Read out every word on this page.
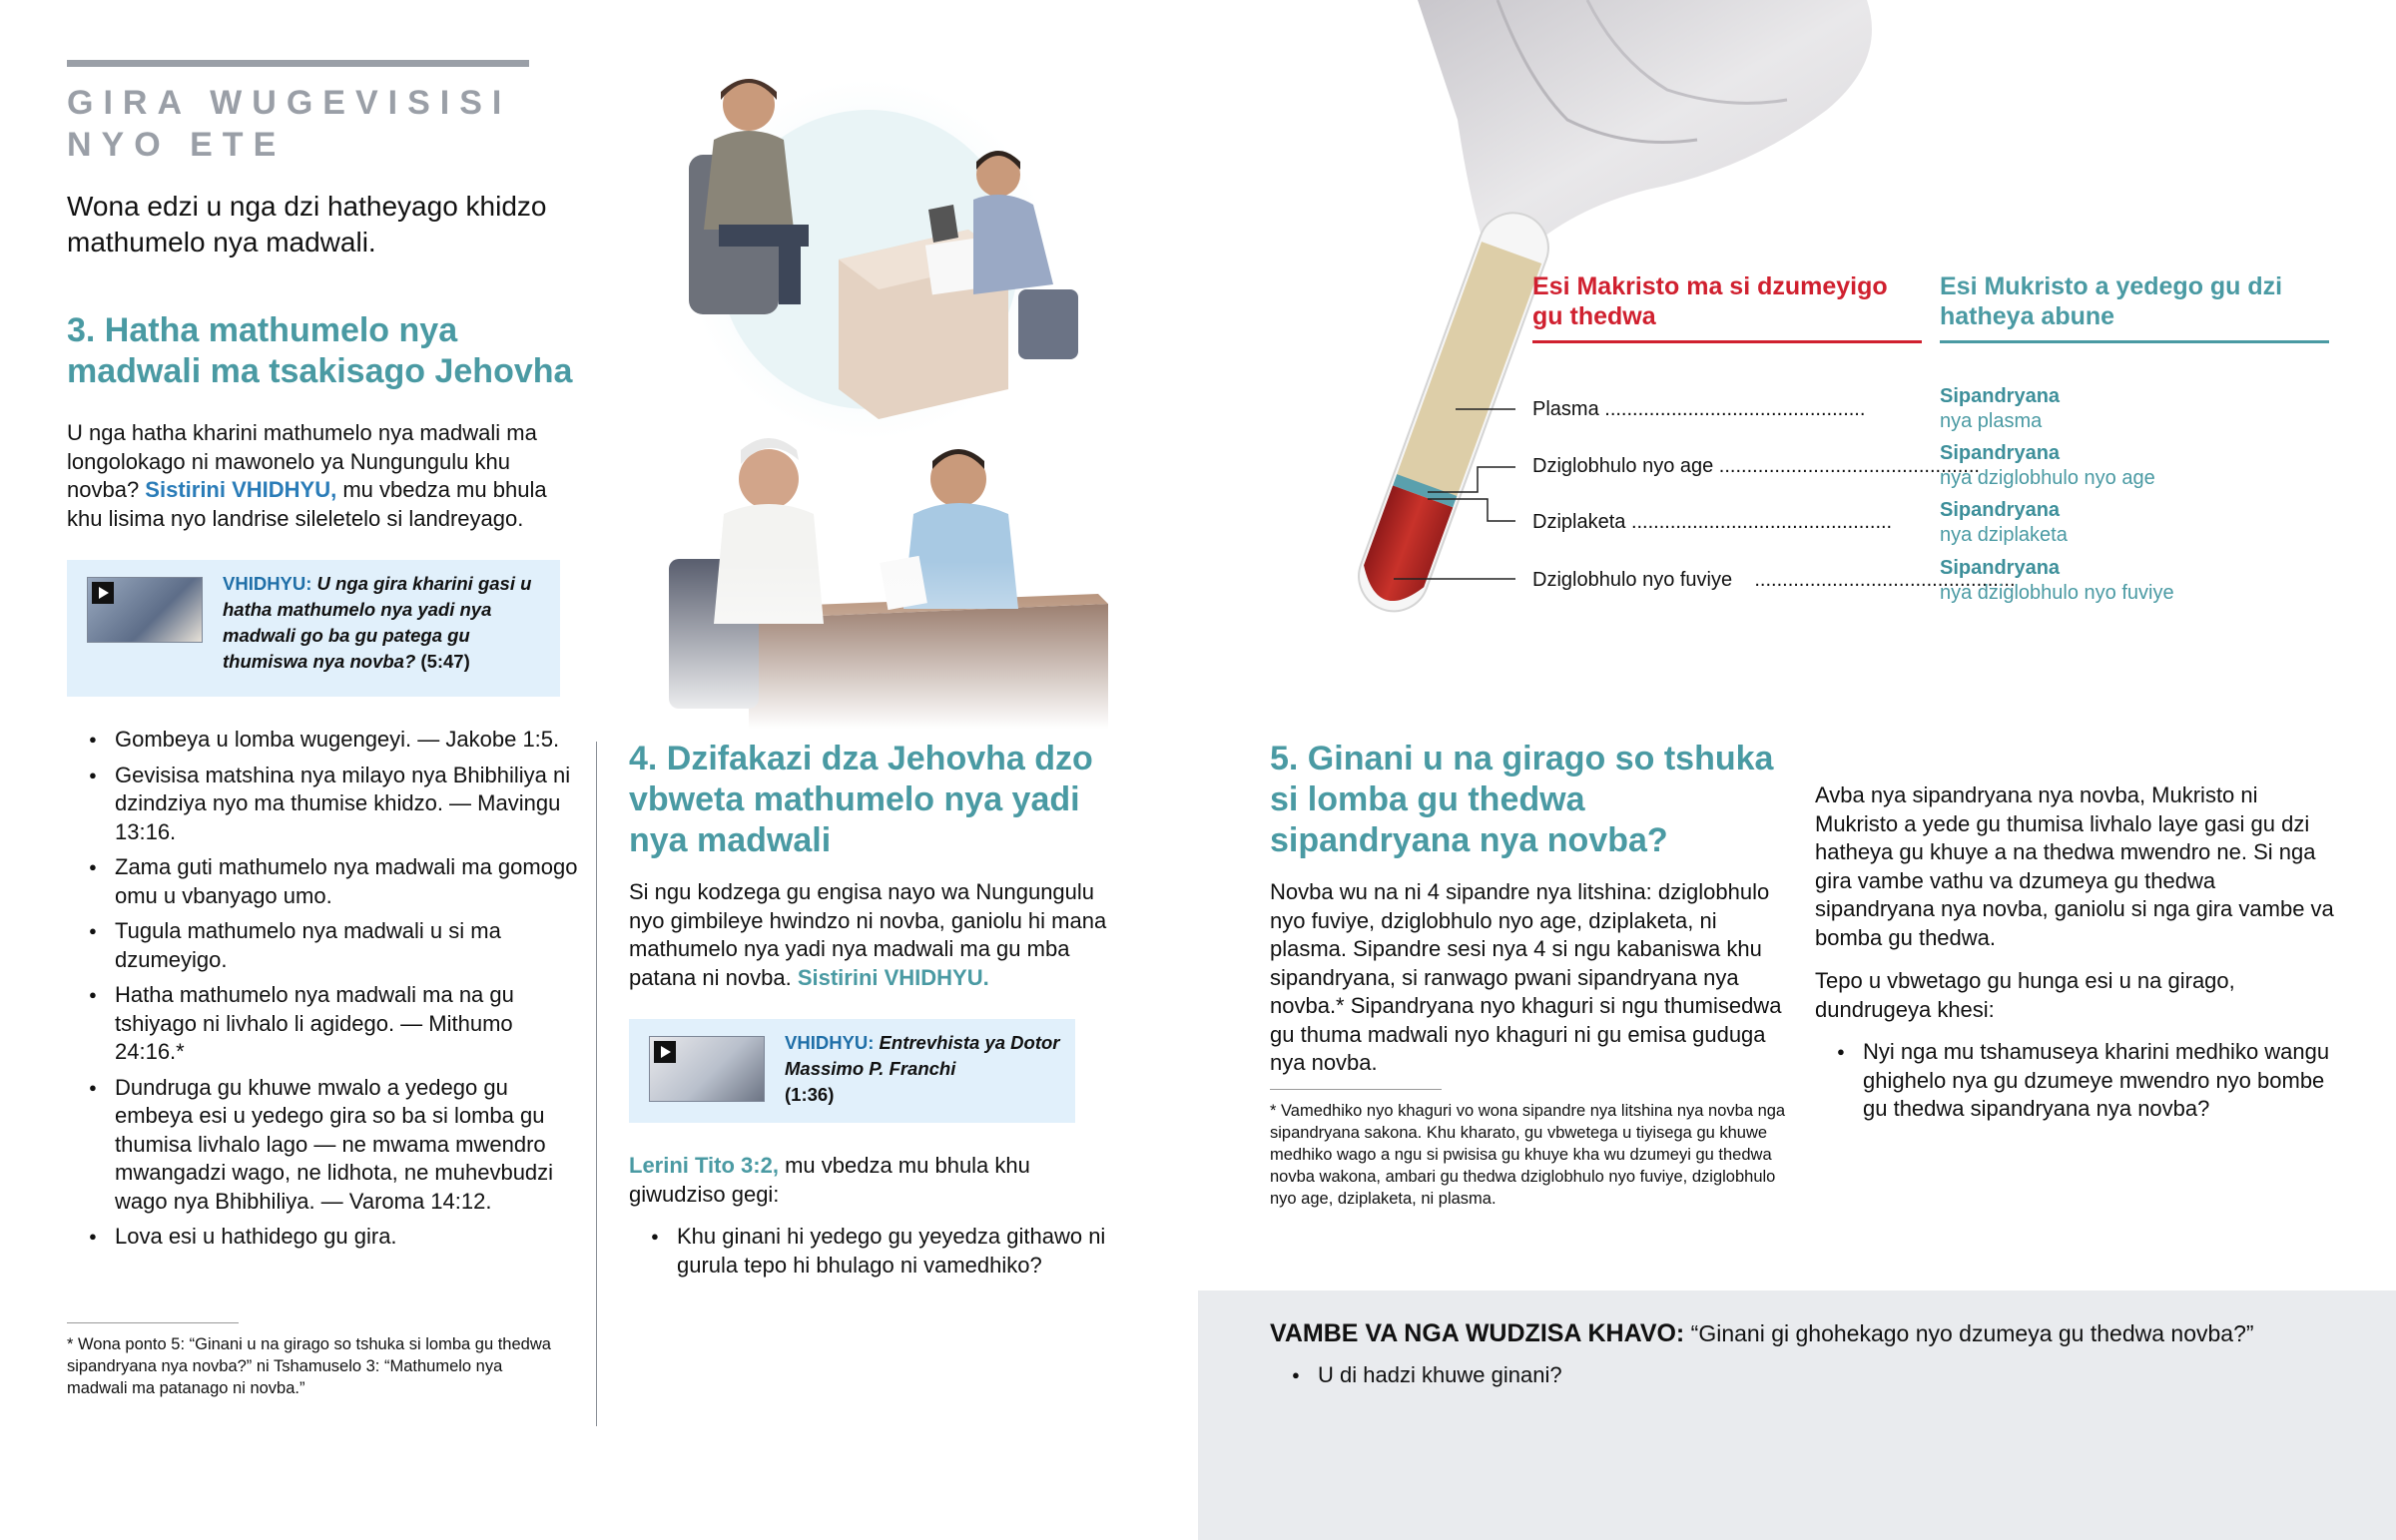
GIRA WUGEVISISI
NYO ETE

Wona edzi u nga dzi hatheyago khidzo mathumelo nya madwali.

3. Hatha mathumelo nya madwali ma tsakisago Jehovha

U nga hatha kharini mathumelo nya madwali ma longolokago ni mawonelo ya Nungungulu khu novba? Sistirini VHIDHYU, mu vbedza mu bhula khu lisima nyo landrise sileletelo si landreyago.

VHIDHYU: U nga gira kharini gasi u hatha mathumelo nya yadi nya madwali go ba gu patega gu thumiswa nya novba? (5:47)
● Gombeya u lomba wugengeyi. — Jakobe 1:5.
● Gevisisa matshina nya milayo nya Bhibhiliya ni dzindziya nyo ma thumise khidzo. — Mavingu 13:16.
● Zama guti mathumelo nya madwali ma gomogo omu u vbanyago umo.
● Tugula mathumelo nya madwali u si ma dzumeyigo.
● Hatha mathumelo nya madwali ma na gu tshiyago ni livhalo li agidego. — Mithumo 24:16.*
● Dundruga gu khuwe mwalo a yedego gu embeya esi u yedego gira so ba si lomba gu thumisa livhalo lago — ne mwama mwendro mwangadzi wago, ne lidhota, ne muhevbudzi wago nya Bhibhiliya. — Varoma 14:12.
● Lova esi u hathidego gu gira.

* Wona ponto 5: “Ginani u na girago so tshuka si lomba gu thedwa sipandryana nya novba?” ni Tshamuselo 3: “Mathumelo nya madwali ma patanago ni novba.”

4. Dzifakazi dza Jehovha dzo vbweta mathumelo nya yadi nya madwali

Si ngu kodzega gu engisa nayo wa Nungungulu nyo gimbileye hwindzo ni novba, ganiolu hi mana mathumelo nya yadi nya madwali ma gu mba patana ni novba. Sistirini VHIDHYU.

VHIDHYU: Entrevhista ya Dotor Massimo P. Franchi
(1:36)

Lerini Tito 3:2, mu vbedza mu bhula khu giwudziso gegi:

● Khu ginani hi yedego gu yeyedza githawo ni gurula tepo hi bhulago ni vamedhiko?
Esi Makristo ma si dzumeyigo gu thedwa
Esi Mukristo a yedego gu dzi hatheya abune
Plasma ...............................................
Dziglobhulo nyo age ...............................................
Dziplaketa ...............................................
Dziglobhulo nyo fuviye    ...............................................
Sipandryana
nya plasma
Sipandryana
nya dziglobhulo nyo age
Sipandryana
nya dziplaketa
Sipandryana
nya dziglobhulo nyo fuviye
5. Ginani u na girago so tshuka si lomba gu thedwa sipandryana nya novba?

Novba wu na ni 4 sipandre nya litshina: dziglobhulo nyo fuviye, dziglobhulo nyo age, dziplaketa, ni plasma. Sipandre sesi nya 4 si ngu kabaniswa khu sipandryana, si ranwago pwani sipandryana nya novba.* Sipandryana nyo khaguri si ngu thumisedwa gu thuma madwali nyo khaguri ni gu emisa guduga nya novba.

* Vamedhiko nyo khaguri vo wona sipandre nya litshina nya novba nga sipandryana sakona. Khu kharato, gu vbwetega u tiyisega gu khuwe medhiko wago a ngu si pwisisa gu khuye kha wu dzumeyi gu thedwa novba wakona, ambari gu thedwa dziglobhulo nyo fuviye, dziglobhulo nyo age, dziplaketa, ni plasma.

Avba nya sipandryana nya novba, Mukristo ni Mukristo a yede gu thumisa livhalo laye gasi gu dzi hatheya gu khuye a na thedwa mwendro ne. Si nga gira vambe vathu va dzumeya gu thedwa sipandryana nya novba, ganiolu si nga gira vambe va bomba gu thedwa.

Tepo u vbwetago gu hunga esi u na girago, dundrugeya khesi:

● Nyi nga mu tshamuseya kharini medhiko wangu ghighelo nya gu dzumeye mwendro nyo bombe gu thedwa sipandryana nya novba?

VAMBE VA NGA WUDZISA KHAVO: “Ginani gi ghohekago nyo dzumeya gu thedwa novba?”

● U di hadzi khuwe ginani?
